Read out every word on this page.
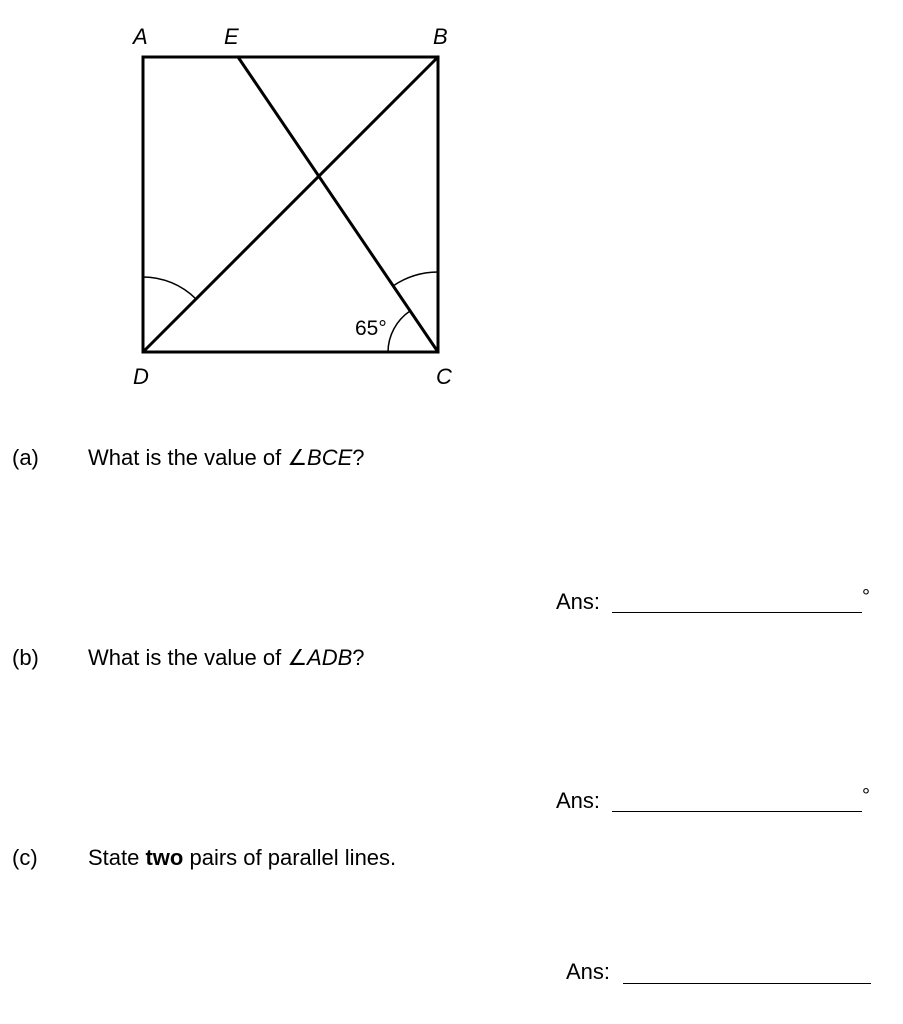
A	E	B
D	C
65°
(a) What is the value of ∠BCE?
Ans:	°
(b) What is the value of ∠ADB?
Ans:	°
(c) State two pairs of parallel lines.
Ans:
